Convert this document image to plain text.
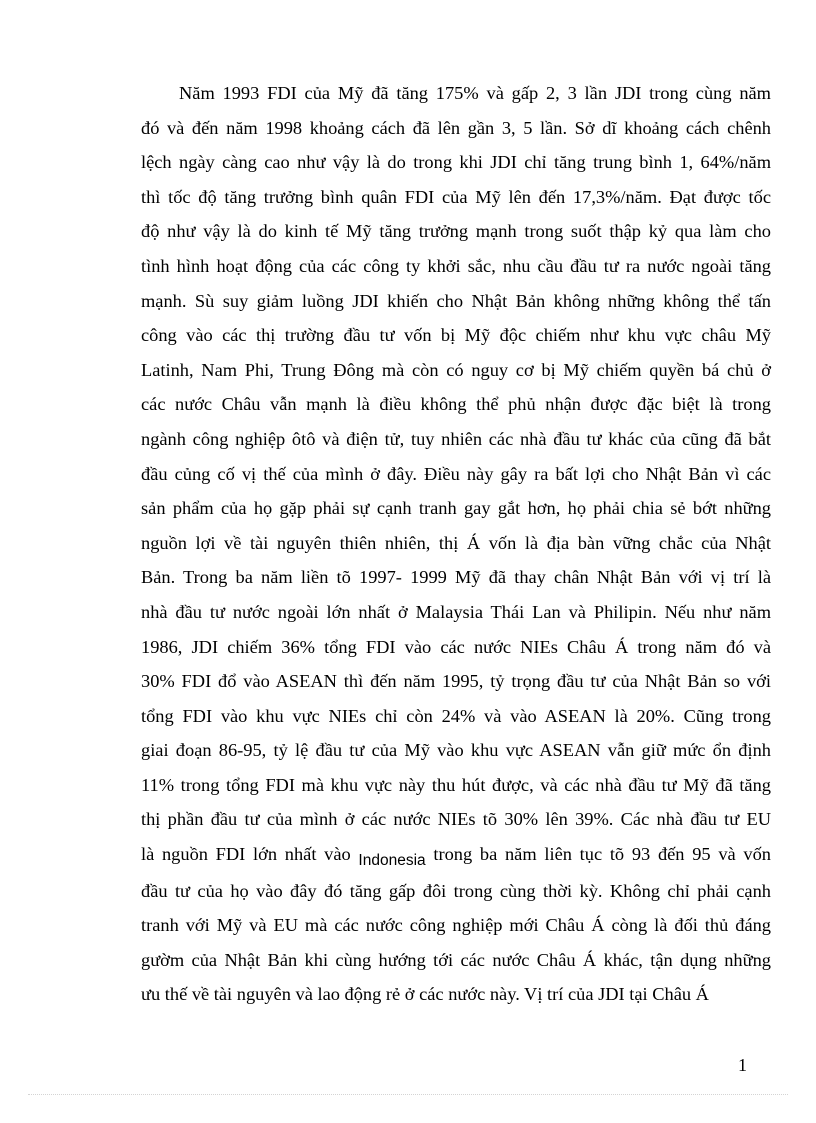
Năm 1993 FDI của Mỹ đã tăng 175% và gấp 2, 3 lần JDI trong cùng năm
đó và đến năm 1998 khoảng cách đã lên gần 3, 5 lần. Sở dĩ khoảng cách chênh
lệch ngày càng cao như vậy là do trong khi JDI chỉ tăng trung bình 1, 64%/năm
thì tốc độ tăng trưởng bình quân FDI của Mỹ lên đến 17,3%/năm. Đạt được tốc
độ như vậy là do kinh tế Mỹ tăng trưởng mạnh trong suốt thập kỷ qua làm cho
tình hình hoạt động của các công ty khởi sắc, nhu cầu đầu tư ra nước ngoài tăng
mạnh. Sù suy giảm luồng JDI khiến cho Nhật Bản không những không thể tấn
công vào các thị trường đầu tư vốn bị Mỹ độc chiếm như khu vực châu Mỹ
Latinh, Nam Phi, Trung Đông mà còn có nguy cơ bị Mỹ chiếm quyền bá chủ ở
các nước Châu vẫn mạnh là điều không thể phủ nhận được đặc biệt là trong
ngành công nghiệp ôtô và điện tử, tuy nhiên các nhà đầu tư khác của cũng đã bắt
đầu củng cố vị thế của mình ở đây. Điều này gây ra bất lợi cho Nhật Bản vì các
sản phẩm của họ gặp phải sự cạnh tranh gay gắt hơn, họ phải chia sẻ bớt những
nguồn lợi về tài nguyên thiên nhiên, thị Á vốn là địa bàn vững chắc của Nhật
Bản. Trong ba năm liền tõ 1997- 1999 Mỹ đã thay chân Nhật Bản với vị trí là
nhà đầu tư nước ngoài lớn nhất ở Malaysia Thái Lan và Philipin. Nếu như năm
1986, JDI chiếm 36% tổng FDI vào các nước NIEs Châu Á trong năm đó và
30% FDI đổ vào ASEAN thì đến năm 1995, tỷ trọng đầu tư của Nhật Bản so với
tổng FDI vào khu vực NIEs chỉ còn 24% và vào ASEAN là 20%. Cũng trong
giai đoạn 86-95, tỷ lệ đầu tư của Mỹ vào khu vực ASEAN vẫn giữ mức ổn định
11% trong tổng FDI mà khu vực này thu hút được, và các nhà đầu tư Mỹ đã tăng
thị phần đầu tư của mình ở các nước NIEs tõ 30% lên 39%. Các nhà đầu tư EU
là nguồn FDI lớn nhất vào $_{Indonesia}$ trong ba năm liên tục tõ 93 đến 95 và vốn
đầu tư của họ vào đây đó tăng gấp đôi trong cùng thời kỳ. Không chỉ phải cạnh
tranh với Mỹ và EU mà các nước công nghiệp mới Châu Á còng là đối thủ đáng
gườm của Nhật Bản khi cùng hướng tới các nước Châu Á khác, tận dụng những
ưu thế về tài nguyên và lao động rẻ ở các nước này. Vị trí của JDI tại Châu Á
1
